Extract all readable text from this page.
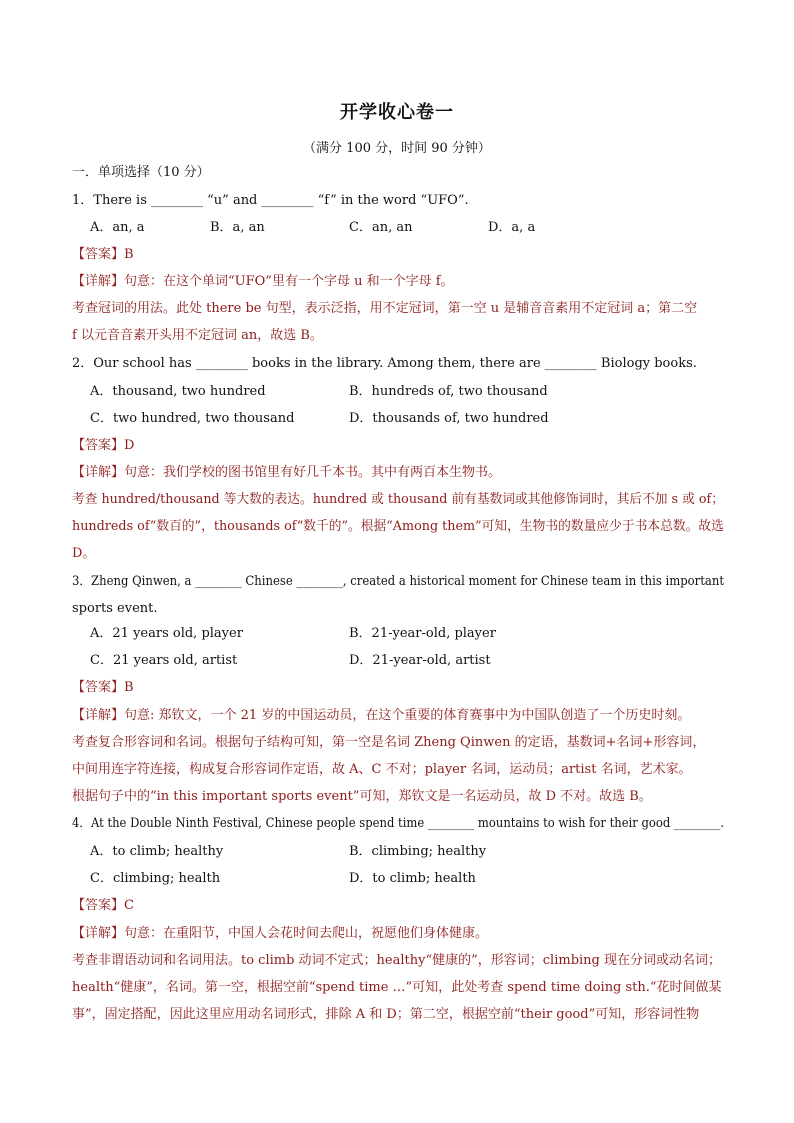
开学收心卷一
（满分 100 分，时间 90 分钟）
一．单项选择（10 分）
1．There is ________ “u” and ________ “f” in the word “UFO”.
A．an, a	B．a, an	C．an, an	D．a, a
【答案】B
【详解】句意：在这个单词“UFO”里有一个字母 u 和一个字母 f。
考查冠词的用法。此处 there be 句型，表示泛指，用不定冠词，第一空 u 是辅音音素用不定冠词 a；第二空
f 以元音音素开头用不定冠词 an，故选 B。
2．Our school has ________ books in the library. Among them, there are ________ Biology books.
A．thousand, two hundred	B．hundreds of, two thousand
C．two hundred, two thousand	D．thousands of, two hundred
【答案】D
【详解】句意：我们学校的图书馆里有好几千本书。其中有两百本生物书。
考查 hundred/thousand 等大数的表达。hundred 或 thousand 前有基数词或其他修饰词时，其后不加 s 或 of；
hundreds of“数百的”，thousands of“数千的”。根据“Among them”可知，生物书的数量应少于书本总数。故选
D。
3．Zheng Qinwen, a ________ Chinese ________, created a historical moment for Chinese team in this important
sports event.
A．21 years old, player	B．21-year-old, player
C．21 years old, artist	D．21-year-old, artist
【答案】B
【详解】句意: 郑钦文，一个 21 岁的中国运动员，在这个重要的体育赛事中为中国队创造了一个历史时刻。
考查复合形容词和名词。根据句子结构可知，第一空是名词 Zheng Qinwen 的定语，基数词+名词+形容词，
中间用连字符连接，构成复合形容词作定语，故 A、C 不对；player 名词，运动员；artist 名词，艺术家。
根据句子中的“in this important sports event”可知，郑钦文是一名运动员，故 D 不对。故选 B。
4．At the Double Ninth Festival, Chinese people spend time ________ mountains to wish for their good ________.
A．to climb; healthy	B．climbing; healthy
C．climbing; health	D．to climb; health
【答案】C
【详解】句意：在重阳节，中国人会花时间去爬山，祝愿他们身体健康。
考查非谓语动词和名词用法。to climb 动词不定式；healthy“健康的”，形容词；climbing 现在分词或动名词；
health“健康”，名词。第一空，根据空前“spend time …”可知，此处考查 spend time doing sth.“花时间做某
事”，固定搭配，因此这里应用动名词形式，排除 A 和 D；第二空，根据空前“their good”可知，形容词性物
